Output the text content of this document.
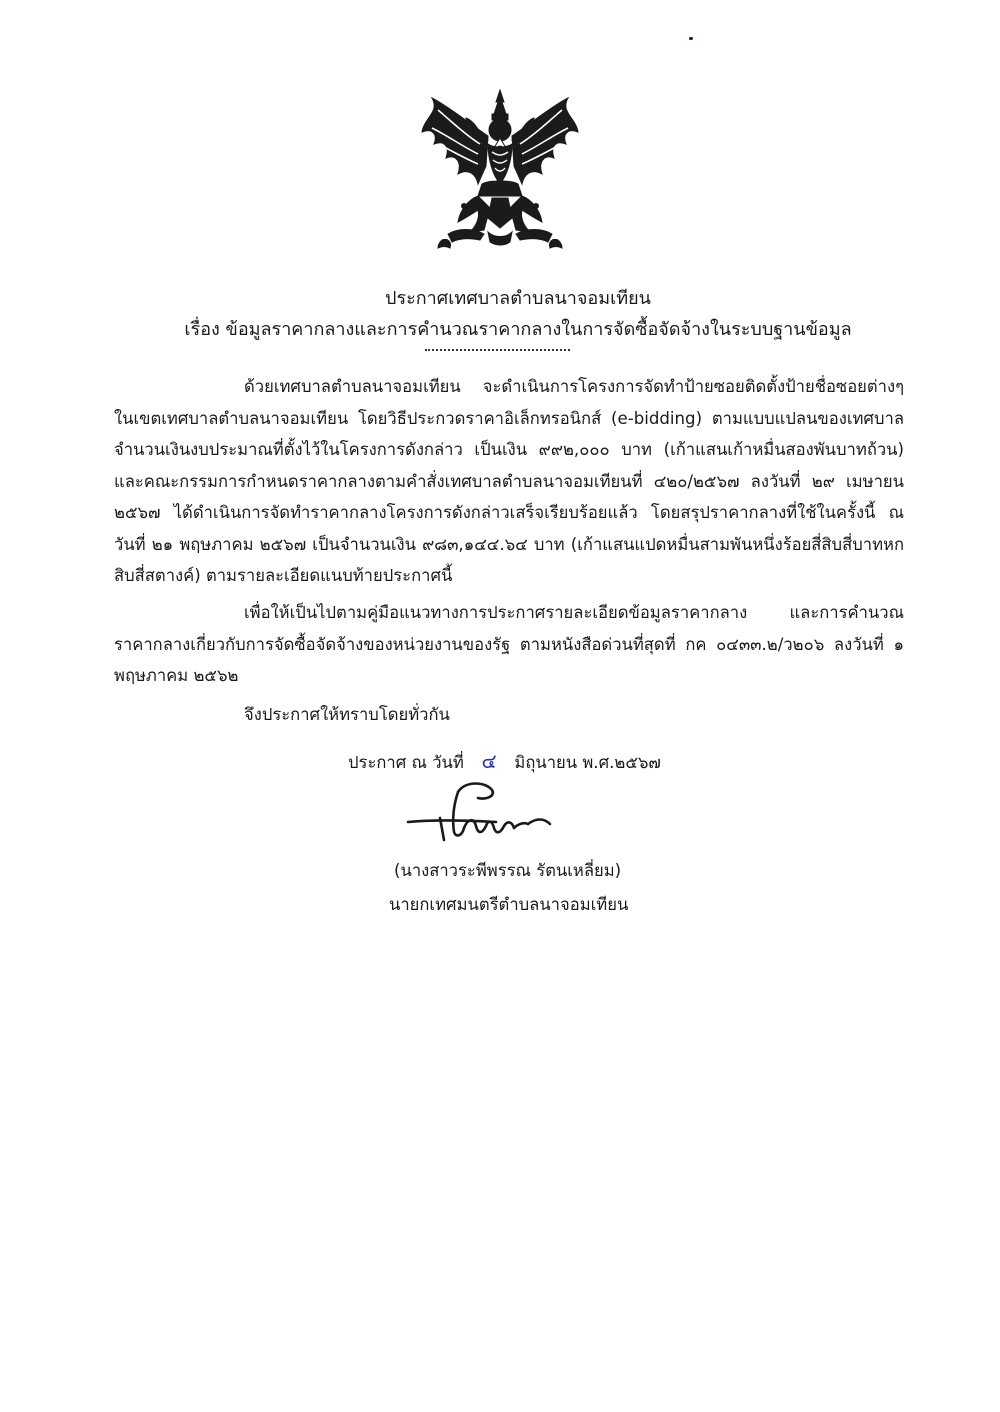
ประกาศเทศบาลตำบลนาจอมเทียน
เรื่อง ข้อมูลราคากลางและการคำนวณราคากลางในการจัดซื้อจัดจ้างในระบบฐานข้อมูล

ด้วยเทศบาลตำบลนาจอมเทียน จะดำเนินการโครงการจัดทำป้ายซอยติดตั้งป้ายชื่อซอยต่างๆ ในเขตเทศบาลตำบลนาจอมเทียน โดยวิธีประกวดราคาอิเล็กทรอนิกส์ (e-bidding) ตามแบบแปลนของเทศบาล จำนวนเงินงบประมาณที่ตั้งไว้ในโครงการดังกล่าว เป็นเงิน ๙๙๒,๐๐๐ บาท (เก้าแสนเก้าหมื่นสองพันบาทถ้วน) และคณะกรรมการกำหนดราคากลางตามคำสั่งเทศบาลตำบลนาจอมเทียนที่ ๔๒๐/๒๕๖๗ ลงวันที่ ๒๙ เมษายน ๒๕๖๗ ได้ดำเนินการจัดทำราคากลางโครงการดังกล่าวเสร็จเรียบร้อยแล้ว โดยสรุปราคากลางที่ใช้ในครั้งนี้ ณ วันที่ ๒๑ พฤษภาคม ๒๕๖๗ เป็นจำนวนเงิน ๙๘๓,๑๔๔.๖๔ บาท (เก้าแสนแปดหมื่นสามพันหนึ่งร้อยสี่สิบสี่บาทหกสิบสี่สตางค์) ตามรายละเอียดแนบท้ายประกาศนี้

เพื่อให้เป็นไปตามคู่มือแนวทางการประกาศรายละเอียดข้อมูลราคากลาง และการคำนวณราคากลางเกี่ยวกับการจัดซื้อจัดจ้างของหน่วยงานของรัฐ ตามหนังสือด่วนที่สุดที่ กค ๐๔๓๓.๒/ว๒๐๖ ลงวันที่ ๑ พฤษภาคม ๒๕๖๒

จึงประกาศให้ทราบโดยทั่วกัน
ประกาศ ณ วันที่ ๔ มิถุนายน พ.ศ.๒๕๖๗
(นางสาวระพีพรรณ รัตนเหลี่ยม)
นายกเทศมนตรีตำบลนาจอมเทียน
